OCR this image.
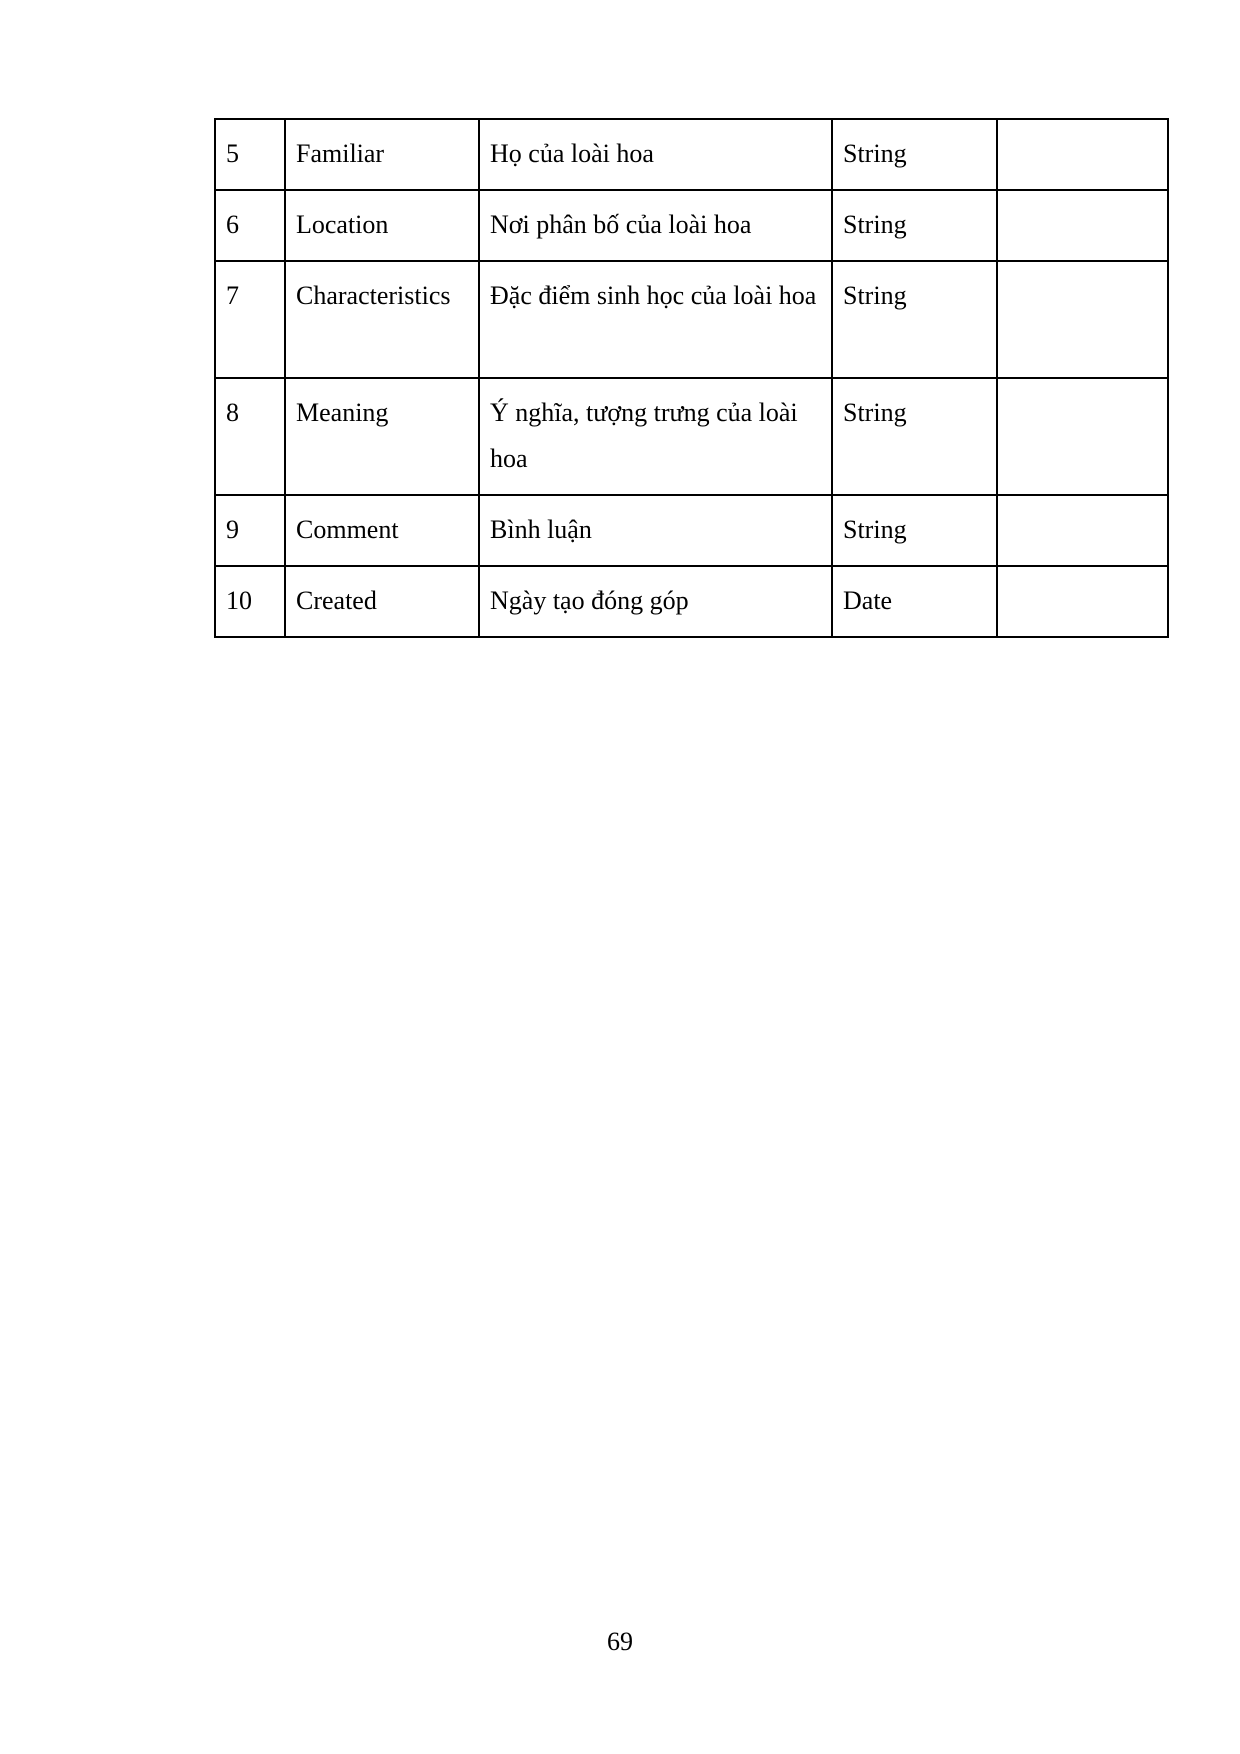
5	Familiar	Họ của loài hoa	String	
6	Location	Nơi phân bố của loài hoa	String	
7	Characteristics	Đặc điểm sinh học của loài hoa	String	
8	Meaning	Ý nghĩa, tượng trưng của loài hoa	String	
9	Comment	Bình luận	String	
10	Created	Ngày tạo đóng góp	Date	
69
